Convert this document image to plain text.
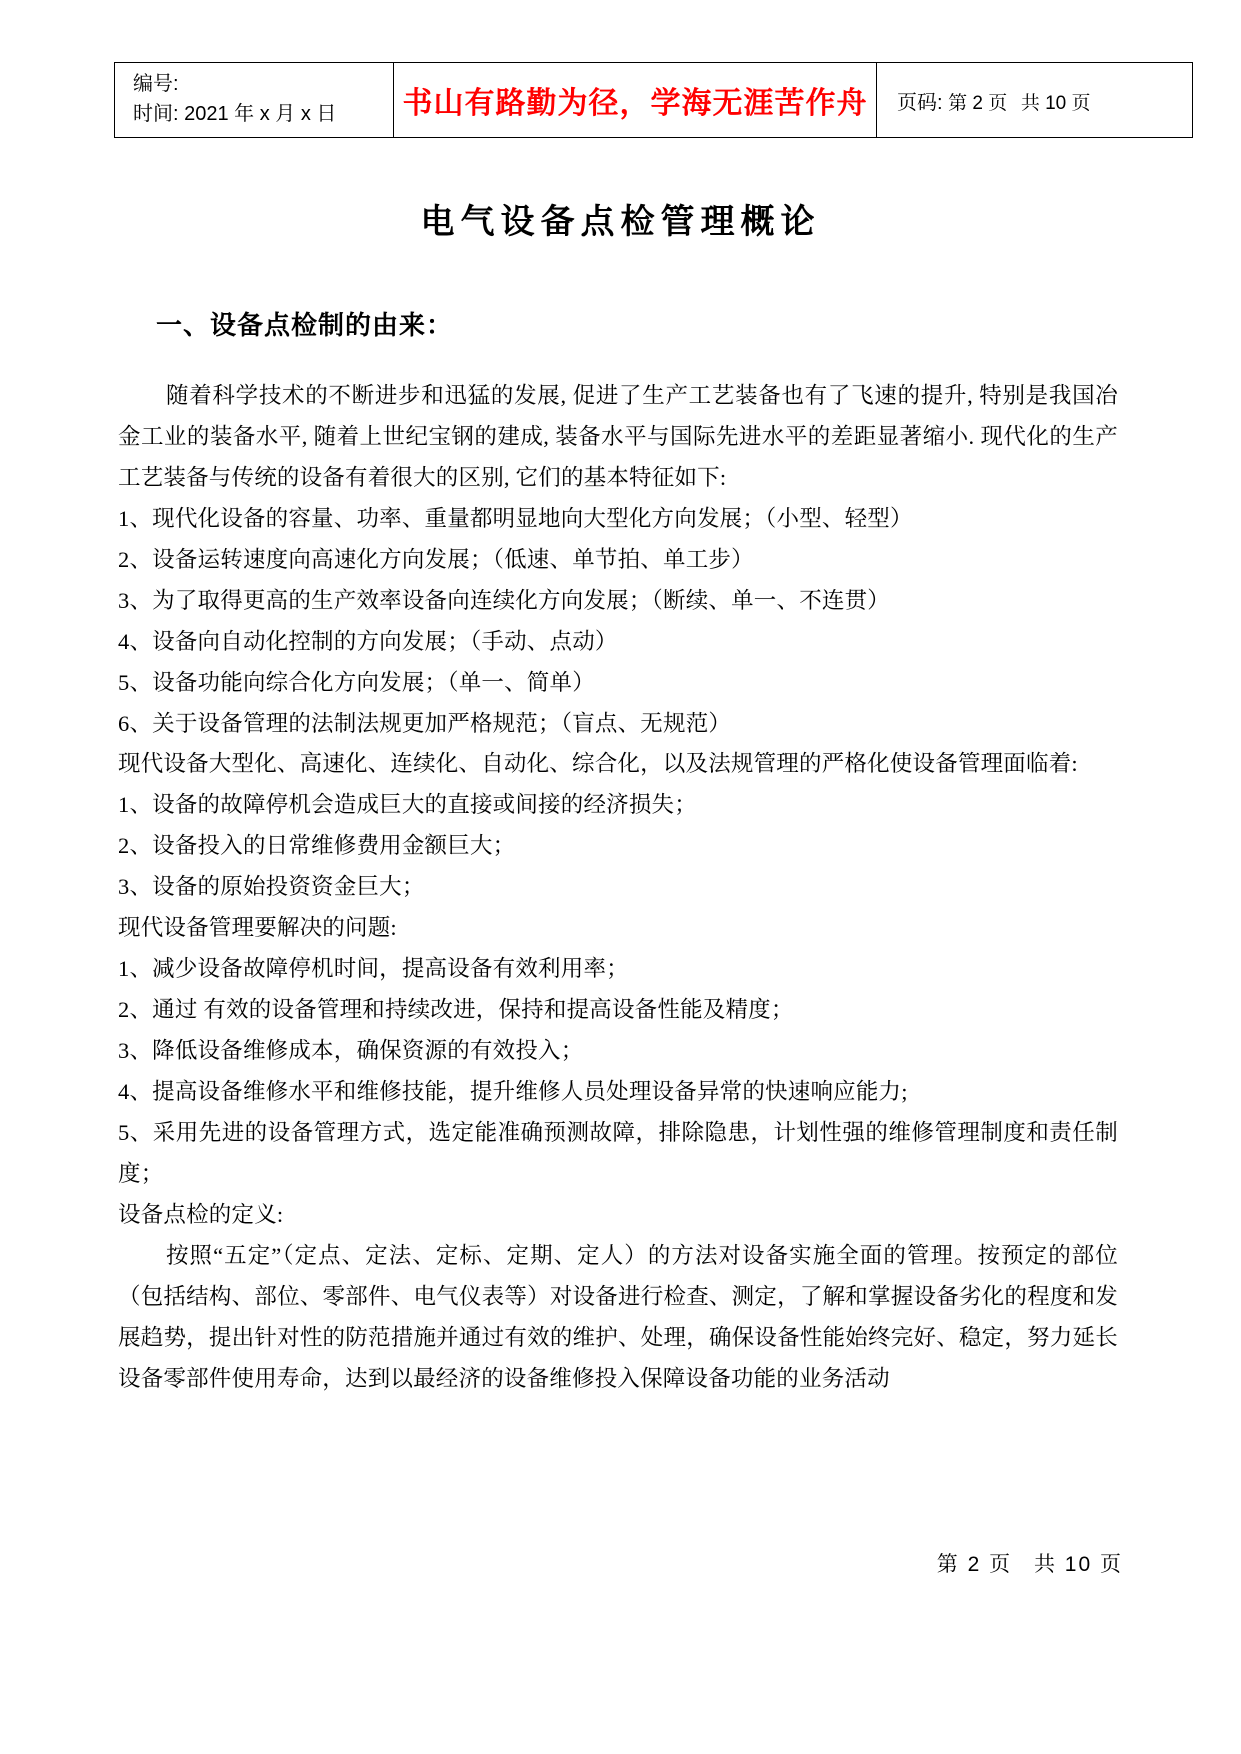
编号:
时间: 2021 年 x 月 x 日	书山有路勤为径，学海无涯苦作舟	页码: 第 2 页 共 10 页
电气设备点检管理概论
一、设备点检制的由来：

随着科学技术的不断进步和迅猛的发展, 促进了生产工艺装备也有了飞速的提升, 特别是我国冶金工业的装备水平, 随着上世纪宝钢的建成, 装备水平与国际先进水平的差距显著缩小. 现代化的生产工艺装备与传统的设备有着很大的区别, 它们的基本特征如下:

1、现代化设备的容量、功率、重量都明显地向大型化方向发展；（小型、轻型）

2、设备运转速度向高速化方向发展；（低速、单节拍、单工步）

3、为了取得更高的生产效率设备向连续化方向发展；（断续、单一、不连贯）

4、设备向自动化控制的方向发展；（手动、点动）

5、设备功能向综合化方向发展；（单一、简单）

6、关于设备管理的法制法规更加严格规范；（盲点、无规范）

现代设备大型化、高速化、连续化、自动化、综合化，以及法规管理的严格化使设备管理面临着:

1、设备的故障停机会造成巨大的直接或间接的经济损失；

2、设备投入的日常维修费用金额巨大；

3、设备的原始投资资金巨大；

现代设备管理要解决的问题:

1、减少设备故障停机时间，提高设备有效利用率；

2、通过 有效的设备管理和持续改进，保持和提高设备性能及精度；

3、降低设备维修成本，确保资源的有效投入；

4、提高设备维修水平和维修技能，提升维修人员处理设备异常的快速响应能力;

5、采用先进的设备管理方式，选定能准确预测故障，排除隐患，计划性强的维修管理制度和责任制度；

设备点检的定义:

按照“五定”（定点、定法、定标、定期、定人）的方法对设备实施全面的管理。按预定的部位（包括结构、部位、零部件、电气仪表等）对设备进行检查、测定，了解和掌握设备劣化的程度和发展趋势，提出针对性的防范措施并通过有效的维护、处理，确保设备性能始终完好、稳定，努力延长设备零部件使用寿命，达到以最经济的设备维修投入保障设备功能的业务活动

第 2 页 共 10 页
